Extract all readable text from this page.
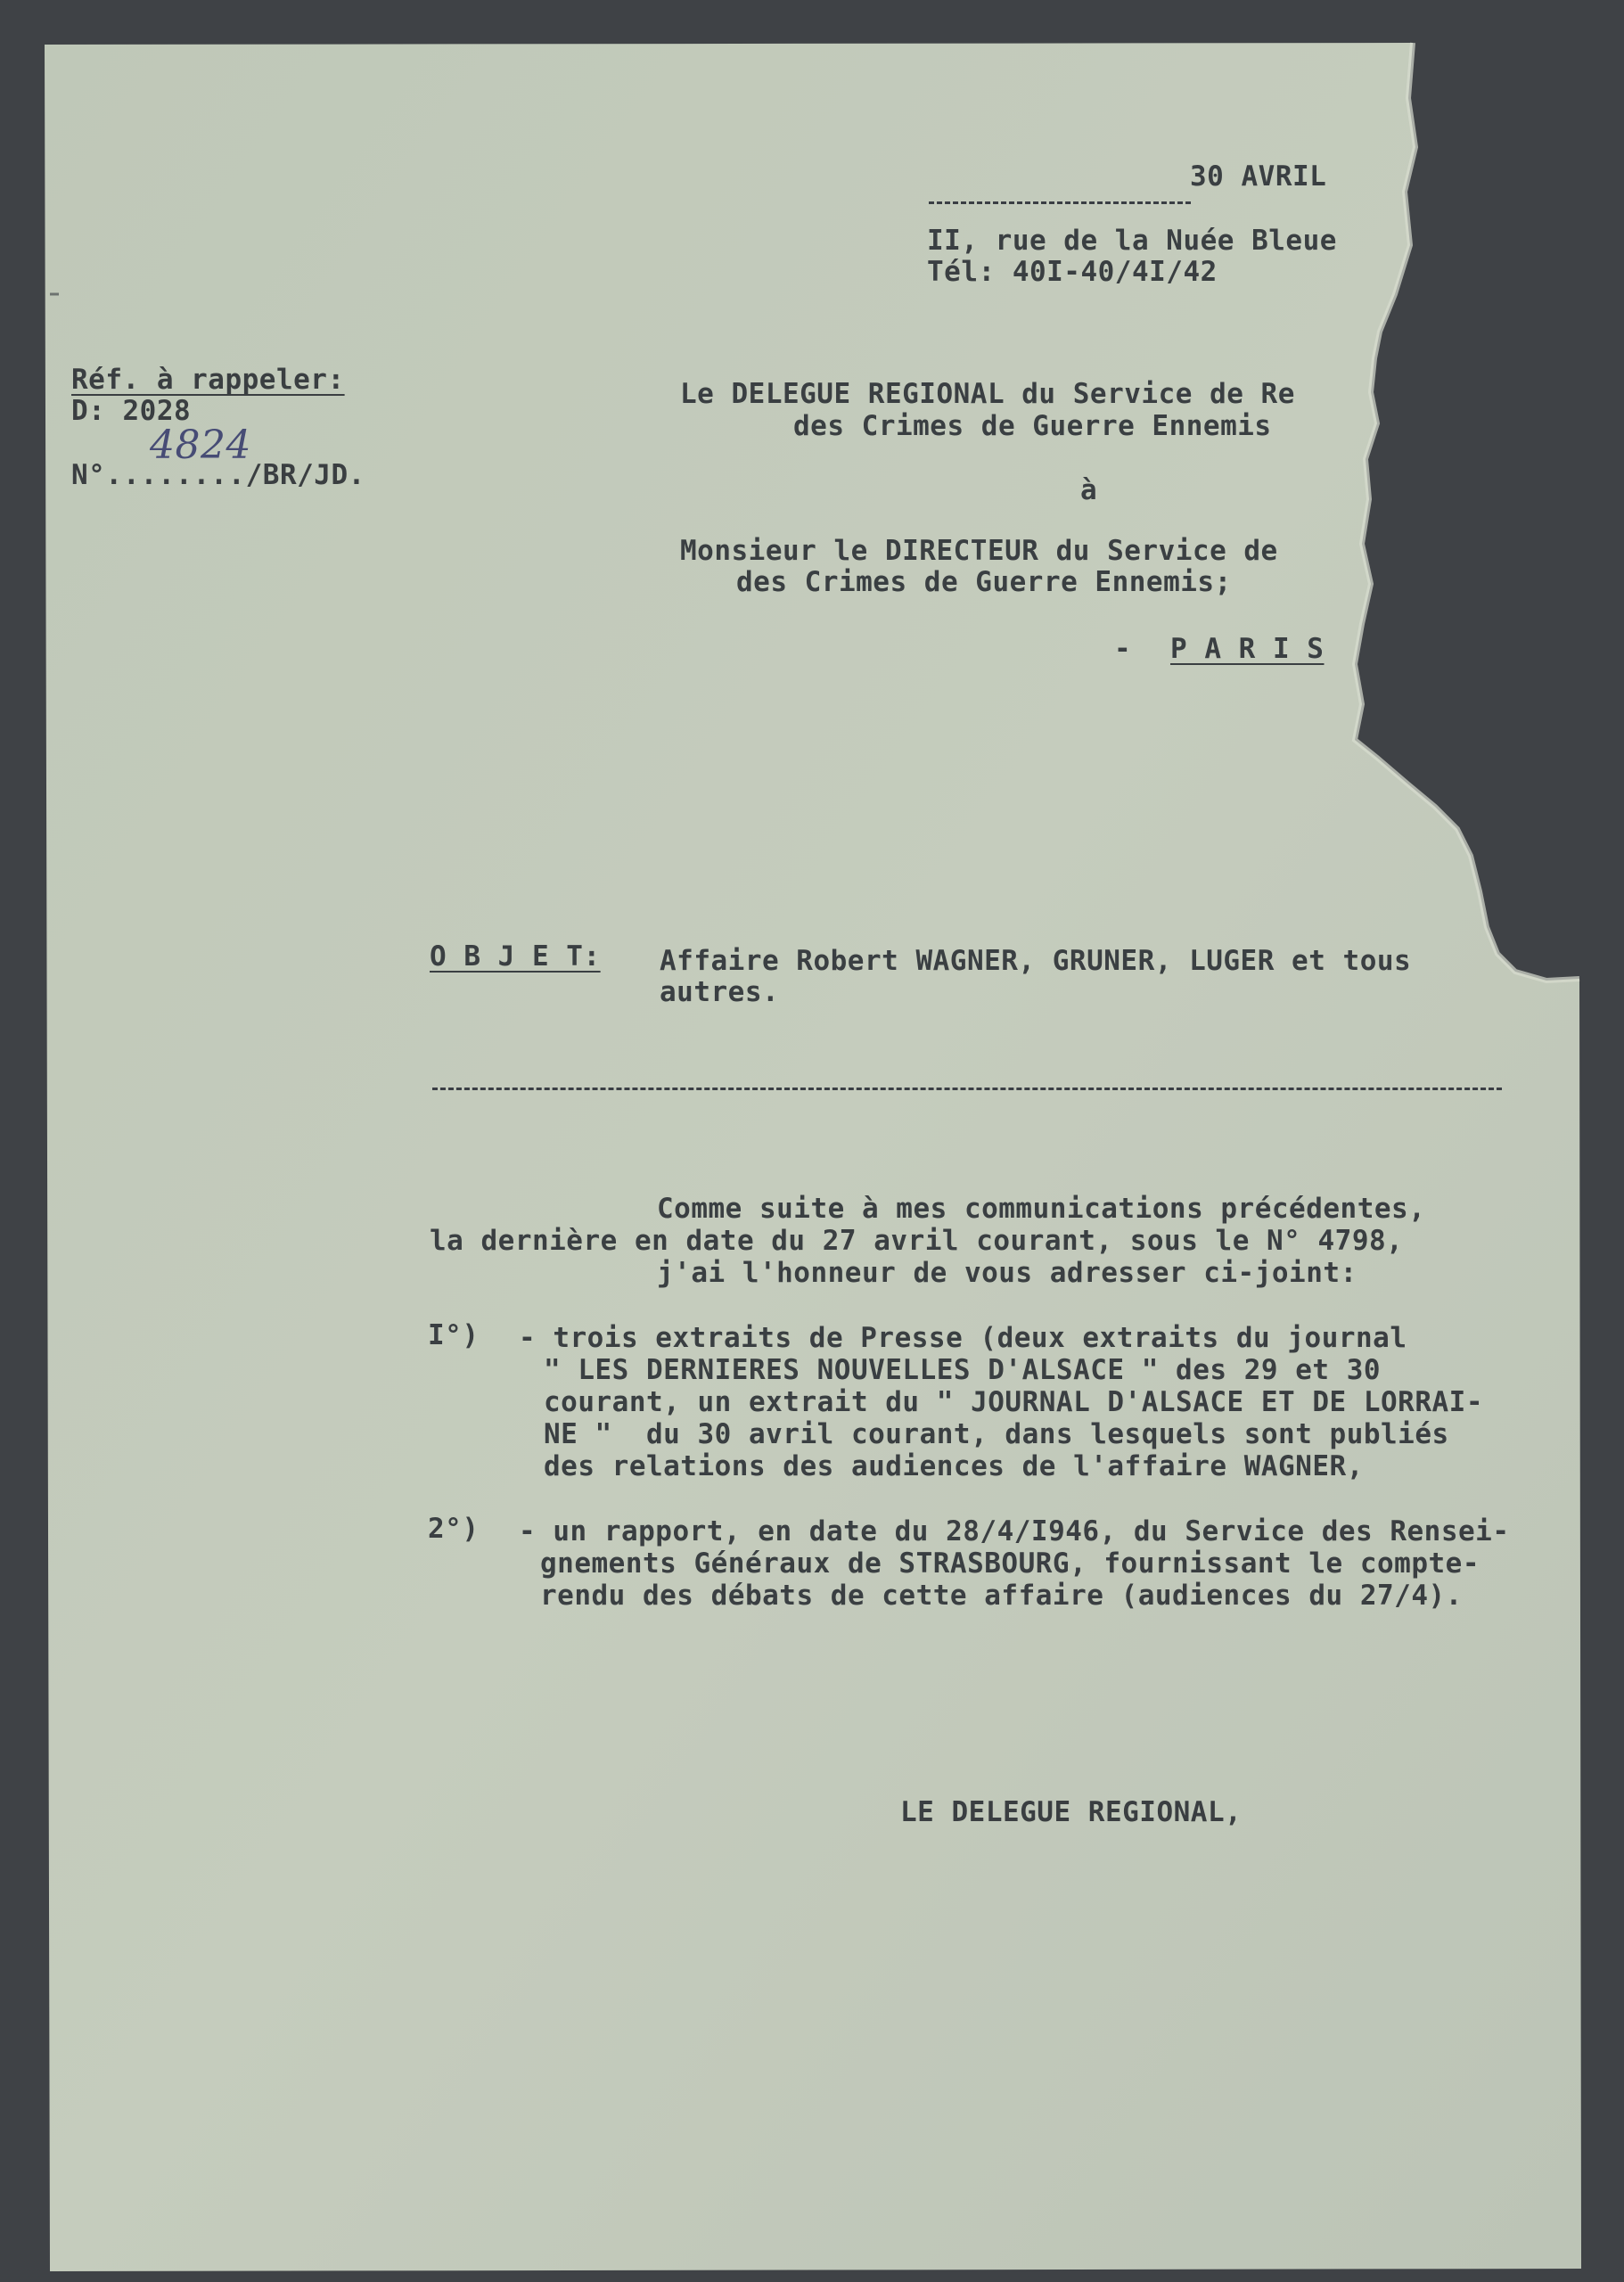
30 AVRIL
II, rue de la Nuée Bleue
Tél: 40I-40/4I/42
Réf. à rappeler:
D: 2028
N°......../BR/JD.
4824
Le DELEGUE REGIONAL du Service de Re
des Crimes de Guerre Ennemis
à
Monsieur le DIRECTEUR du Service de
des Crimes de Guerre Ennemis;
- P A R I S
O B J E T: Affaire Robert WAGNER, GRUNER, LUGER et tous
autres.
Comme suite à mes communications précédentes,
la dernière en date du 27 avril courant, sous le N° 4798,
j'ai l'honneur de vous adresser ci-joint:
I°) - trois extraits de Presse (deux extraits du journal
" LES DERNIERES NOUVELLES D'ALSACE " des 29 et 30
courant, un extrait du " JOURNAL D'ALSACE ET DE LORRAI-
NE "  du 30 avril courant, dans lesquels sont publiés
des relations des audiences de l'affaire WAGNER,
2°) - un rapport, en date du 28/4/I946, du Service des Rensei-
gnements Généraux de STRASBOURG, fournissant le compte-
rendu des débats de cette affaire (audiences du 27/4).
LE DELEGUE REGIONAL,
